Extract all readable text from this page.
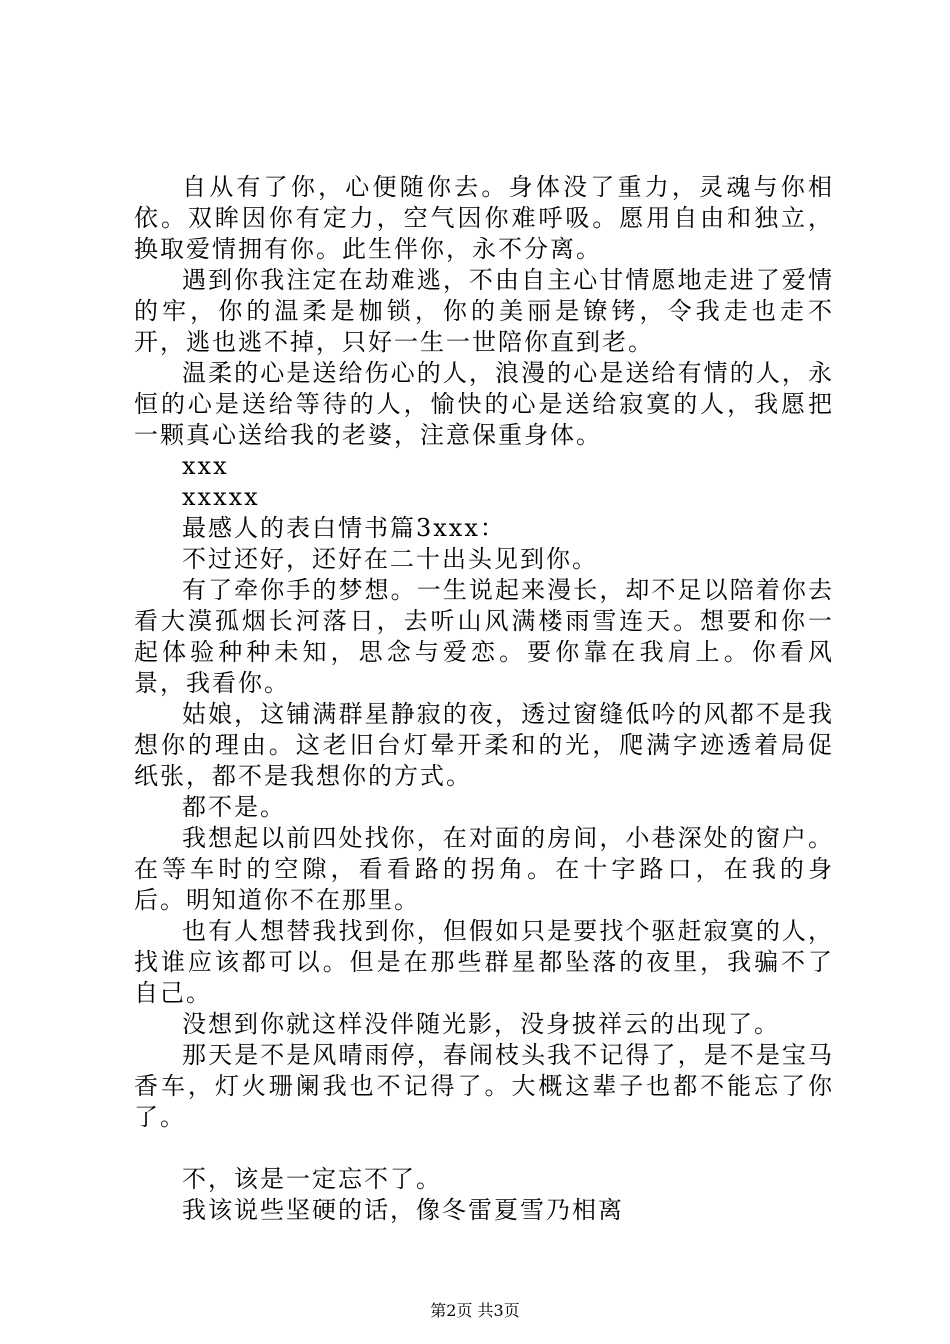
自从有了你，心便随你去。身体没了重力，灵魂与你相依。双眸因你有定力，空气因你难呼吸。愿用自由和独立，换取爱情拥有你。此生伴你，永不分离。

遇到你我注定在劫难逃，不由自主心甘情愿地走进了爱情的牢，你的温柔是枷锁，你的美丽是镣铐，令我走也走不开，逃也逃不掉，只好一生一世陪你直到老。

温柔的心是送给伤心的人，浪漫的心是送给有情的人，永恒的心是送给等待的人，愉快的心是送给寂寞的人，我愿把一颗真心送给我的老婆，注意保重身体。

xxx

xxxxx

最感人的表白情书篇3xxx：

不过还好，还好在二十出头见到你。

有了牵你手的梦想。一生说起来漫长，却不足以陪着你去看大漠孤烟长河落日，去听山风满楼雨雪连天。想要和你一起体验种种未知，思念与爱恋。要你靠在我肩上。你看风景，我看你。

姑娘，这铺满群星静寂的夜，透过窗缝低吟的风都不是我想你的理由。这老旧台灯晕开柔和的光，爬满字迹透着局促纸张，都不是我想你的方式。

都不是。

我想起以前四处找你，在对面的房间，小巷深处的窗户。在等车时的空隙，看看路的拐角。在十字路口，在我的身后。明知道你不在那里。

也有人想替我找到你，但假如只是要找个驱赶寂寞的人，找谁应该都可以。但是在那些群星都坠落的夜里，我骗不了自己。

没想到你就这样没伴随光影，没身披祥云的出现了。

那天是不是风晴雨停，春闹枝头我不记得了，是不是宝马香车，灯火珊阑我也不记得了。大概这辈子也都不能忘了你了。

不，该是一定忘不了。

我该说些坚硬的话，像冬雷夏雪乃相离

第2页 共3页
